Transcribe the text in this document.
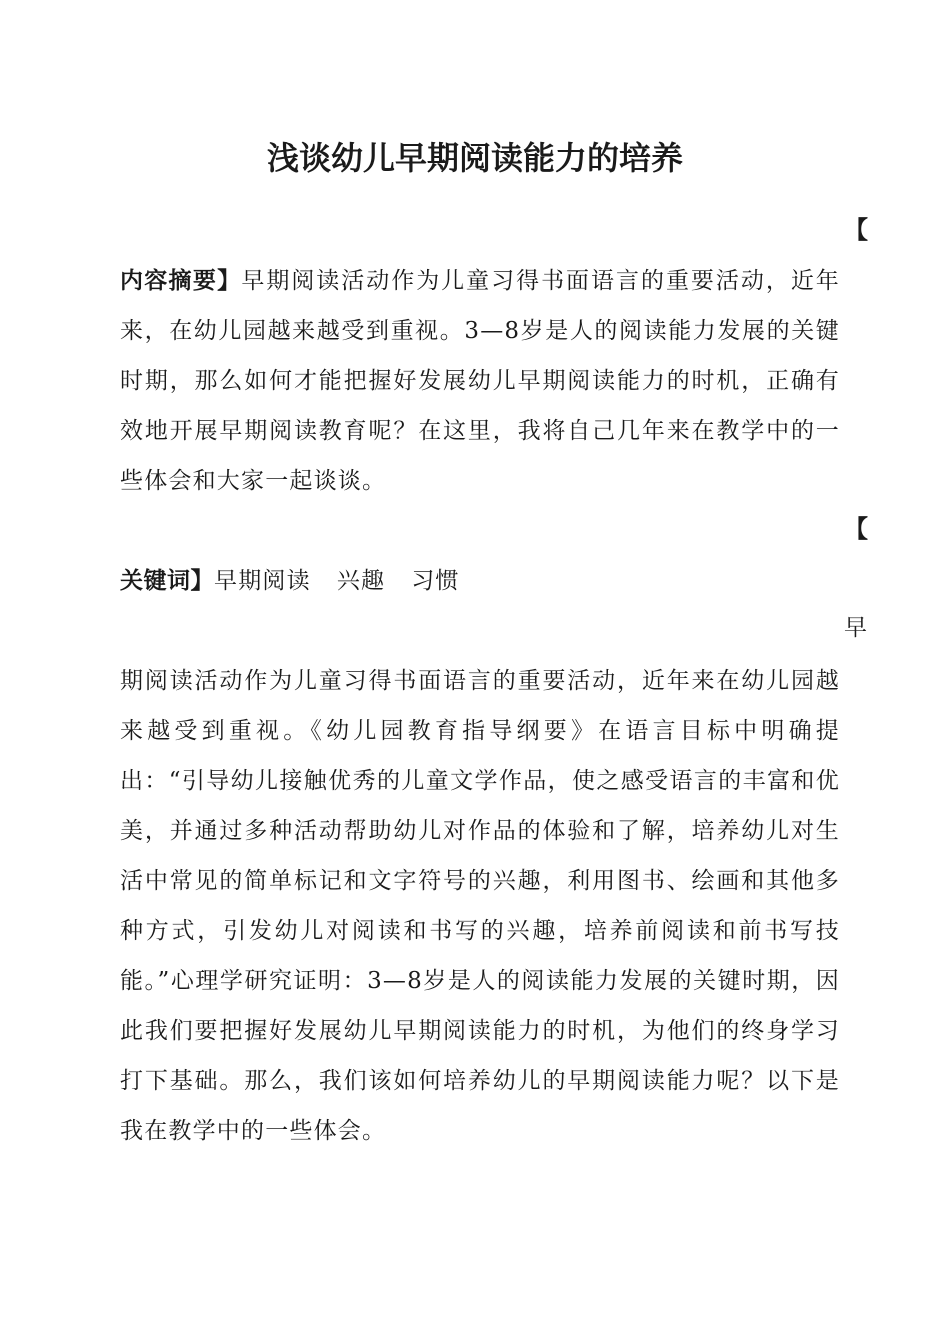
浅谈幼儿早期阅读能力的培养
【

内容摘要】早期阅读活动作为儿童习得书面语言的重要活动，近年来，在幼儿园越来越受到重视。3—8岁是人的阅读能力发展的关键时期，那么如何才能把握好发展幼儿早期阅读能力的时机，正确有效地开展早期阅读教育呢？在这里，我将自己几年来在教学中的一些体会和大家一起谈谈。

【

关键词】早期阅读 兴趣 习惯

早

期阅读活动作为儿童习得书面语言的重要活动，近年来在幼儿园越来越受到重视。《幼儿园教育指导纲要》在语言目标中明确提出：“引导幼儿接触优秀的儿童文学作品，使之感受语言的丰富和优美，并通过多种活动帮助幼儿对作品的体验和了解，培养幼儿对生活中常见的简单标记和文字符号的兴趣，利用图书、绘画和其他多种方式，引发幼儿对阅读和书写的兴趣，培养前阅读和前书写技能。”心理学研究证明：3—8岁是人的阅读能力发展的关键时期，因此我们要把握好发展幼儿早期阅读能力的时机，为他们的终身学习打下基础。那么，我们该如何培养幼儿的早期阅读能力呢？以下是我在教学中的一些体会。
